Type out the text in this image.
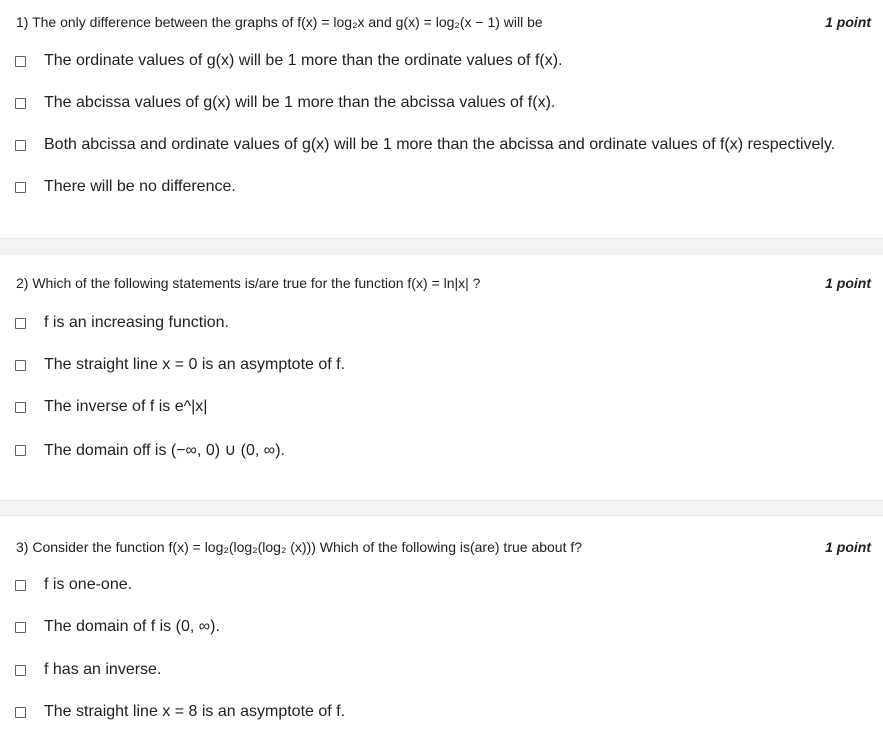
1) The only difference between the graphs of f(x) = log₂x and g(x) = log₂(x − 1) will be	1 point
The ordinate values of g(x) will be 1 more than the ordinate values of f(x).
The abcissa values of g(x) will be 1 more than the abcissa values of f(x).
Both abcissa and ordinate values of g(x) will be 1 more than the abcissa and ordinate values of f(x) respectively.
There will be no difference.
2) Which of the following statements is/are true for the function f(x) = ln|x| ?	1 point
f is an increasing function.
The straight line x = 0 is an asymptote of f.
The inverse of f is e^|x|
The domain off is (−∞, 0) ∪ (0, ∞).
3) Consider the function f(x) = log₂(log₂(log₂ (x))) Which of the following is(are) true about f?	1 point
f is one-one.
The domain of f is (0, ∞).
f has an inverse.
The straight line x = 8 is an asymptote of f.
